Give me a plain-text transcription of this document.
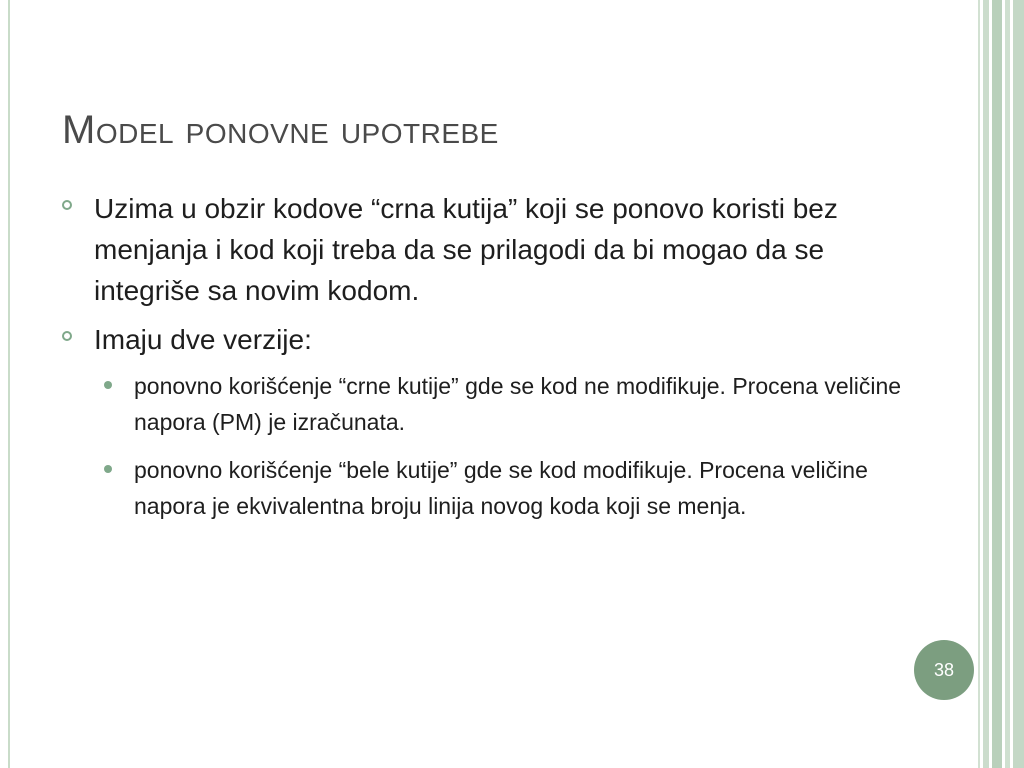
Model ponovne upotrebe
Uzima u obzir kodove “crna kutija” koji se ponovo koristi bez menjanja i kod koji treba da se prilagodi da bi mogao da se integriše sa novim kodom.
Imaju dve verzije:
ponovno korišćenje “crne kutije” gde se kod ne modifikuje. Procena veličine napora (PM) je izračunata.
ponovno korišćenje “bele kutije” gde se kod modifikuje. Procena veličine napora je ekvivalentna broju linija novog koda koji se menja.
38
